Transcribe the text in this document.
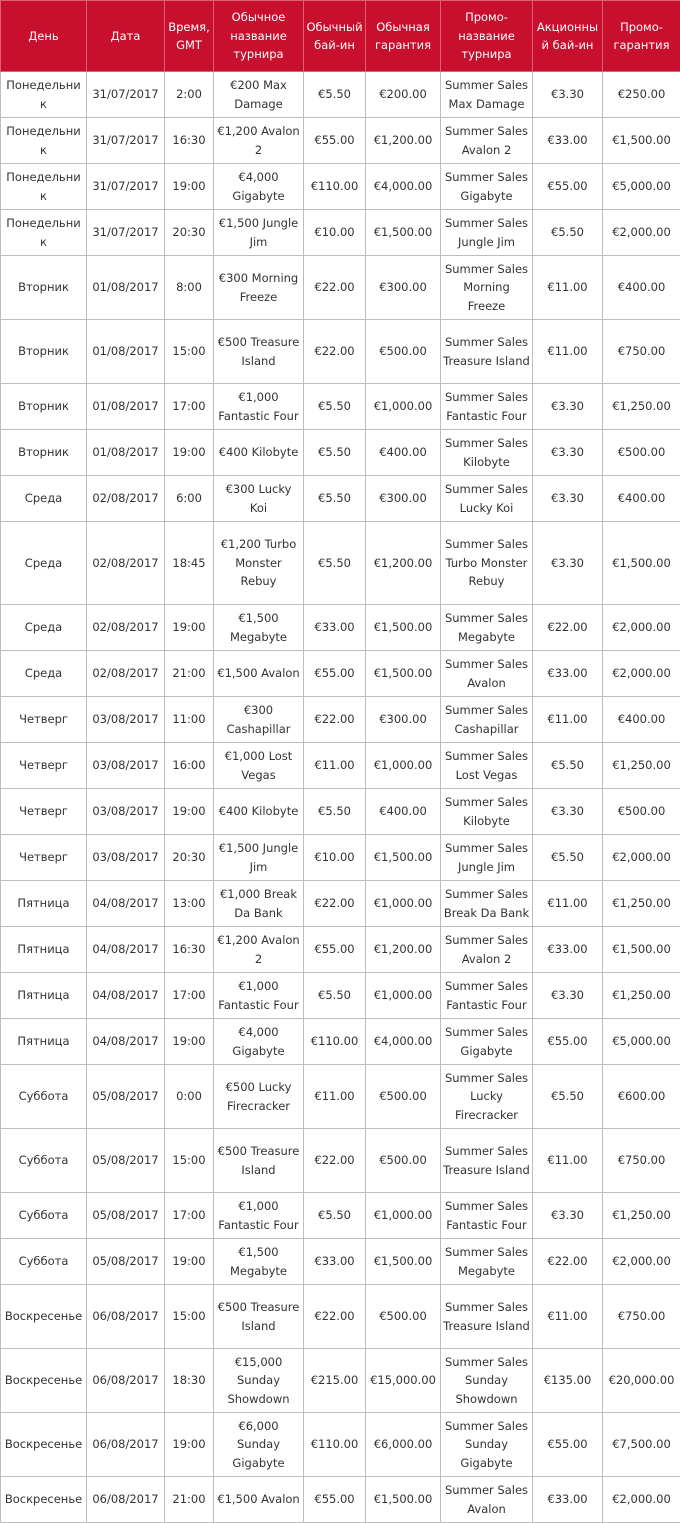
День	Дата	Время, GMT	Обычное название турнира	Обычный бай-ин	Обычная гарантия	Промо-название турнира	Акционный бай-ин	Промо-гарантия
Понедельник	31/07/2017	2:00	€200 Max Damage	€5.50	€200.00	Summer Sales Max Damage	€3.30	€250.00
Понедельник	31/07/2017	16:30	€1,200 Avalon 2	€55.00	€1,200.00	Summer Sales Avalon 2	€33.00	€1,500.00
Понедельник	31/07/2017	19:00	€4,000 Gigabyte	€110.00	€4,000.00	Summer Sales Gigabyte	€55.00	€5,000.00
Понедельник	31/07/2017	20:30	€1,500 Jungle Jim	€10.00	€1,500.00	Summer Sales Jungle Jim	€5.50	€2,000.00
Вторник	01/08/2017	8:00	€300 Morning Freeze	€22.00	€300.00	Summer Sales Morning Freeze	€11.00	€400.00
Вторник	01/08/2017	15:00	€500 Treasure Island	€22.00	€500.00	Summer Sales Treasure Island	€11.00	€750.00
Вторник	01/08/2017	17:00	€1,000 Fantastic Four	€5.50	€1,000.00	Summer Sales Fantastic Four	€3.30	€1,250.00
Вторник	01/08/2017	19:00	€400 Kilobyte	€5.50	€400.00	Summer Sales Kilobyte	€3.30	€500.00
Среда	02/08/2017	6:00	€300 Lucky Koi	€5.50	€300.00	Summer Sales Lucky Koi	€3.30	€400.00
Среда	02/08/2017	18:45	€1,200 Turbo Monster Rebuy	€5.50	€1,200.00	Summer Sales Turbo Monster Rebuy	€3.30	€1,500.00
Среда	02/08/2017	19:00	€1,500 Megabyte	€33.00	€1,500.00	Summer Sales Megabyte	€22.00	€2,000.00
Среда	02/08/2017	21:00	€1,500 Avalon	€55.00	€1,500.00	Summer Sales Avalon	€33.00	€2,000.00
Четверг	03/08/2017	11:00	€300 Cashapillar	€22.00	€300.00	Summer Sales Cashapillar	€11.00	€400.00
Четверг	03/08/2017	16:00	€1,000 Lost Vegas	€11.00	€1,000.00	Summer Sales Lost Vegas	€5.50	€1,250.00
Четверг	03/08/2017	19:00	€400 Kilobyte	€5.50	€400.00	Summer Sales Kilobyte	€3.30	€500.00
Четверг	03/08/2017	20:30	€1,500 Jungle Jim	€10.00	€1,500.00	Summer Sales Jungle Jim	€5.50	€2,000.00
Пятница	04/08/2017	13:00	€1,000 Break Da Bank	€22.00	€1,000.00	Summer Sales Break Da Bank	€11.00	€1,250.00
Пятница	04/08/2017	16:30	€1,200 Avalon 2	€55.00	€1,200.00	Summer Sales Avalon 2	€33.00	€1,500.00
Пятница	04/08/2017	17:00	€1,000 Fantastic Four	€5.50	€1,000.00	Summer Sales Fantastic Four	€3.30	€1,250.00
Пятница	04/08/2017	19:00	€4,000 Gigabyte	€110.00	€4,000.00	Summer Sales Gigabyte	€55.00	€5,000.00
Суббота	05/08/2017	0:00	€500 Lucky Firecracker	€11.00	€500.00	Summer Sales Lucky Firecracker	€5.50	€600.00
Суббота	05/08/2017	15:00	€500 Treasure Island	€22.00	€500.00	Summer Sales Treasure Island	€11.00	€750.00
Суббота	05/08/2017	17:00	€1,000 Fantastic Four	€5.50	€1,000.00	Summer Sales Fantastic Four	€3.30	€1,250.00
Суббота	05/08/2017	19:00	€1,500 Megabyte	€33.00	€1,500.00	Summer Sales Megabyte	€22.00	€2,000.00
Воскресенье	06/08/2017	15:00	€500 Treasure Island	€22.00	€500.00	Summer Sales Treasure Island	€11.00	€750.00
Воскресенье	06/08/2017	18:30	€15,000 Sunday Showdown	€215.00	€15,000.00	Summer Sales Sunday Showdown	€135.00	€20,000.00
Воскресенье	06/08/2017	19:00	€6,000 Sunday Gigabyte	€110.00	€6,000.00	Summer Sales Sunday Gigabyte	€55.00	€7,500.00
Воскресенье	06/08/2017	21:00	€1,500 Avalon	€55.00	€1,500.00	Summer Sales Avalon	€33.00	€2,000.00
